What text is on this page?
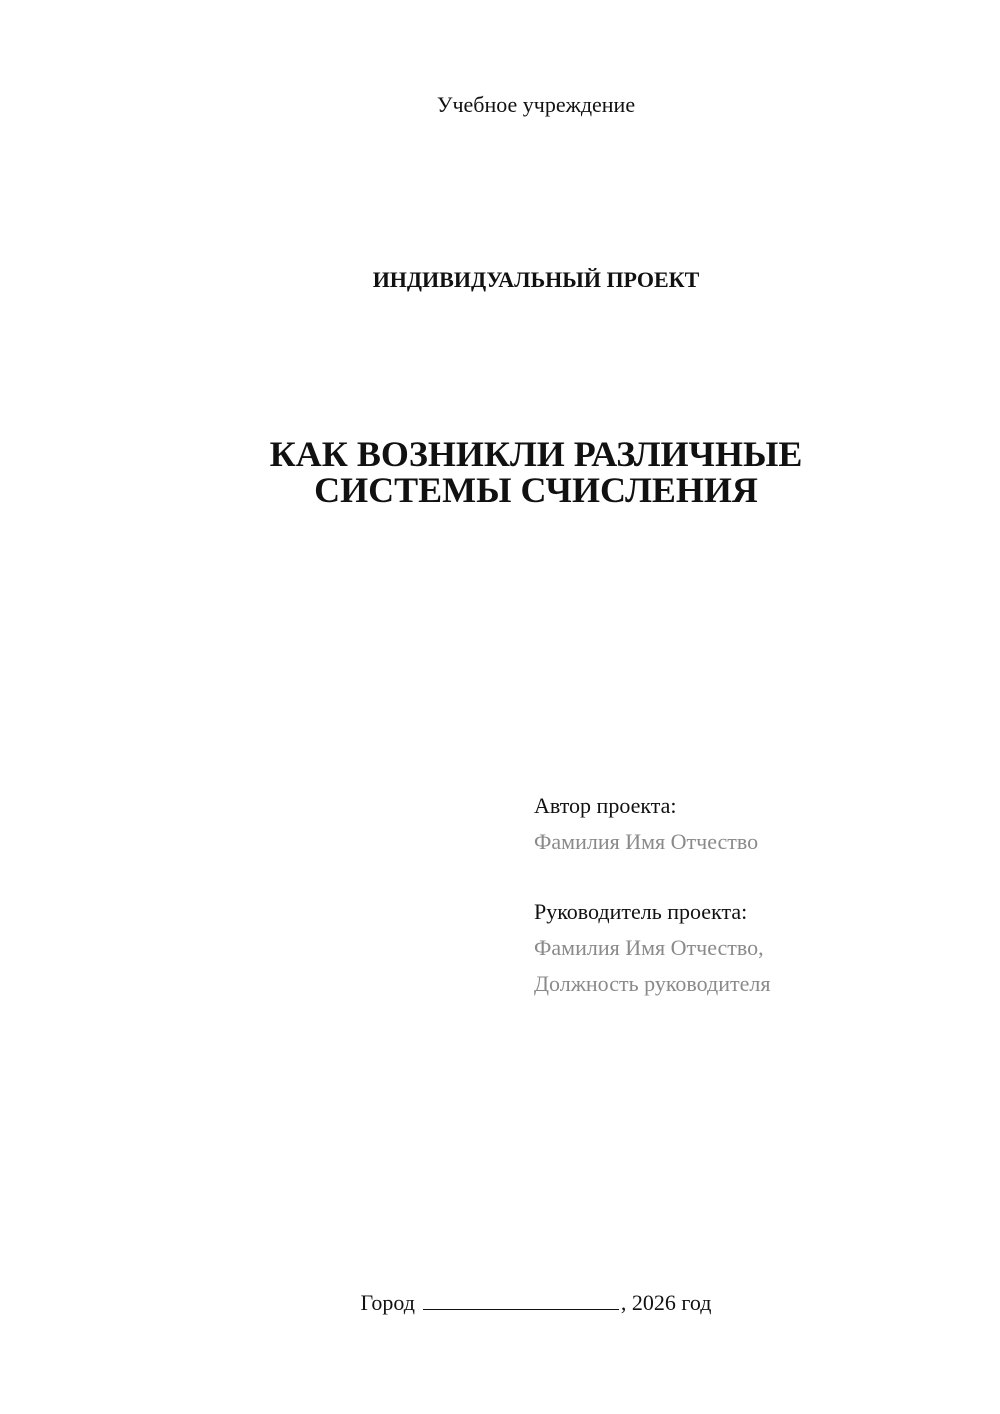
Учебное учреждение
ИНДИВИДУАЛЬНЫЙ ПРОЕКТ
КАК ВОЗНИКЛИ РАЗЛИЧНЫЕ
СИСТЕМЫ СЧИСЛЕНИЯ
Автор проекта:
Фамилия Имя Отчество
Руководитель проекта:
Фамилия Имя Отчество,
Должность руководителя
Город	, 2026 год
